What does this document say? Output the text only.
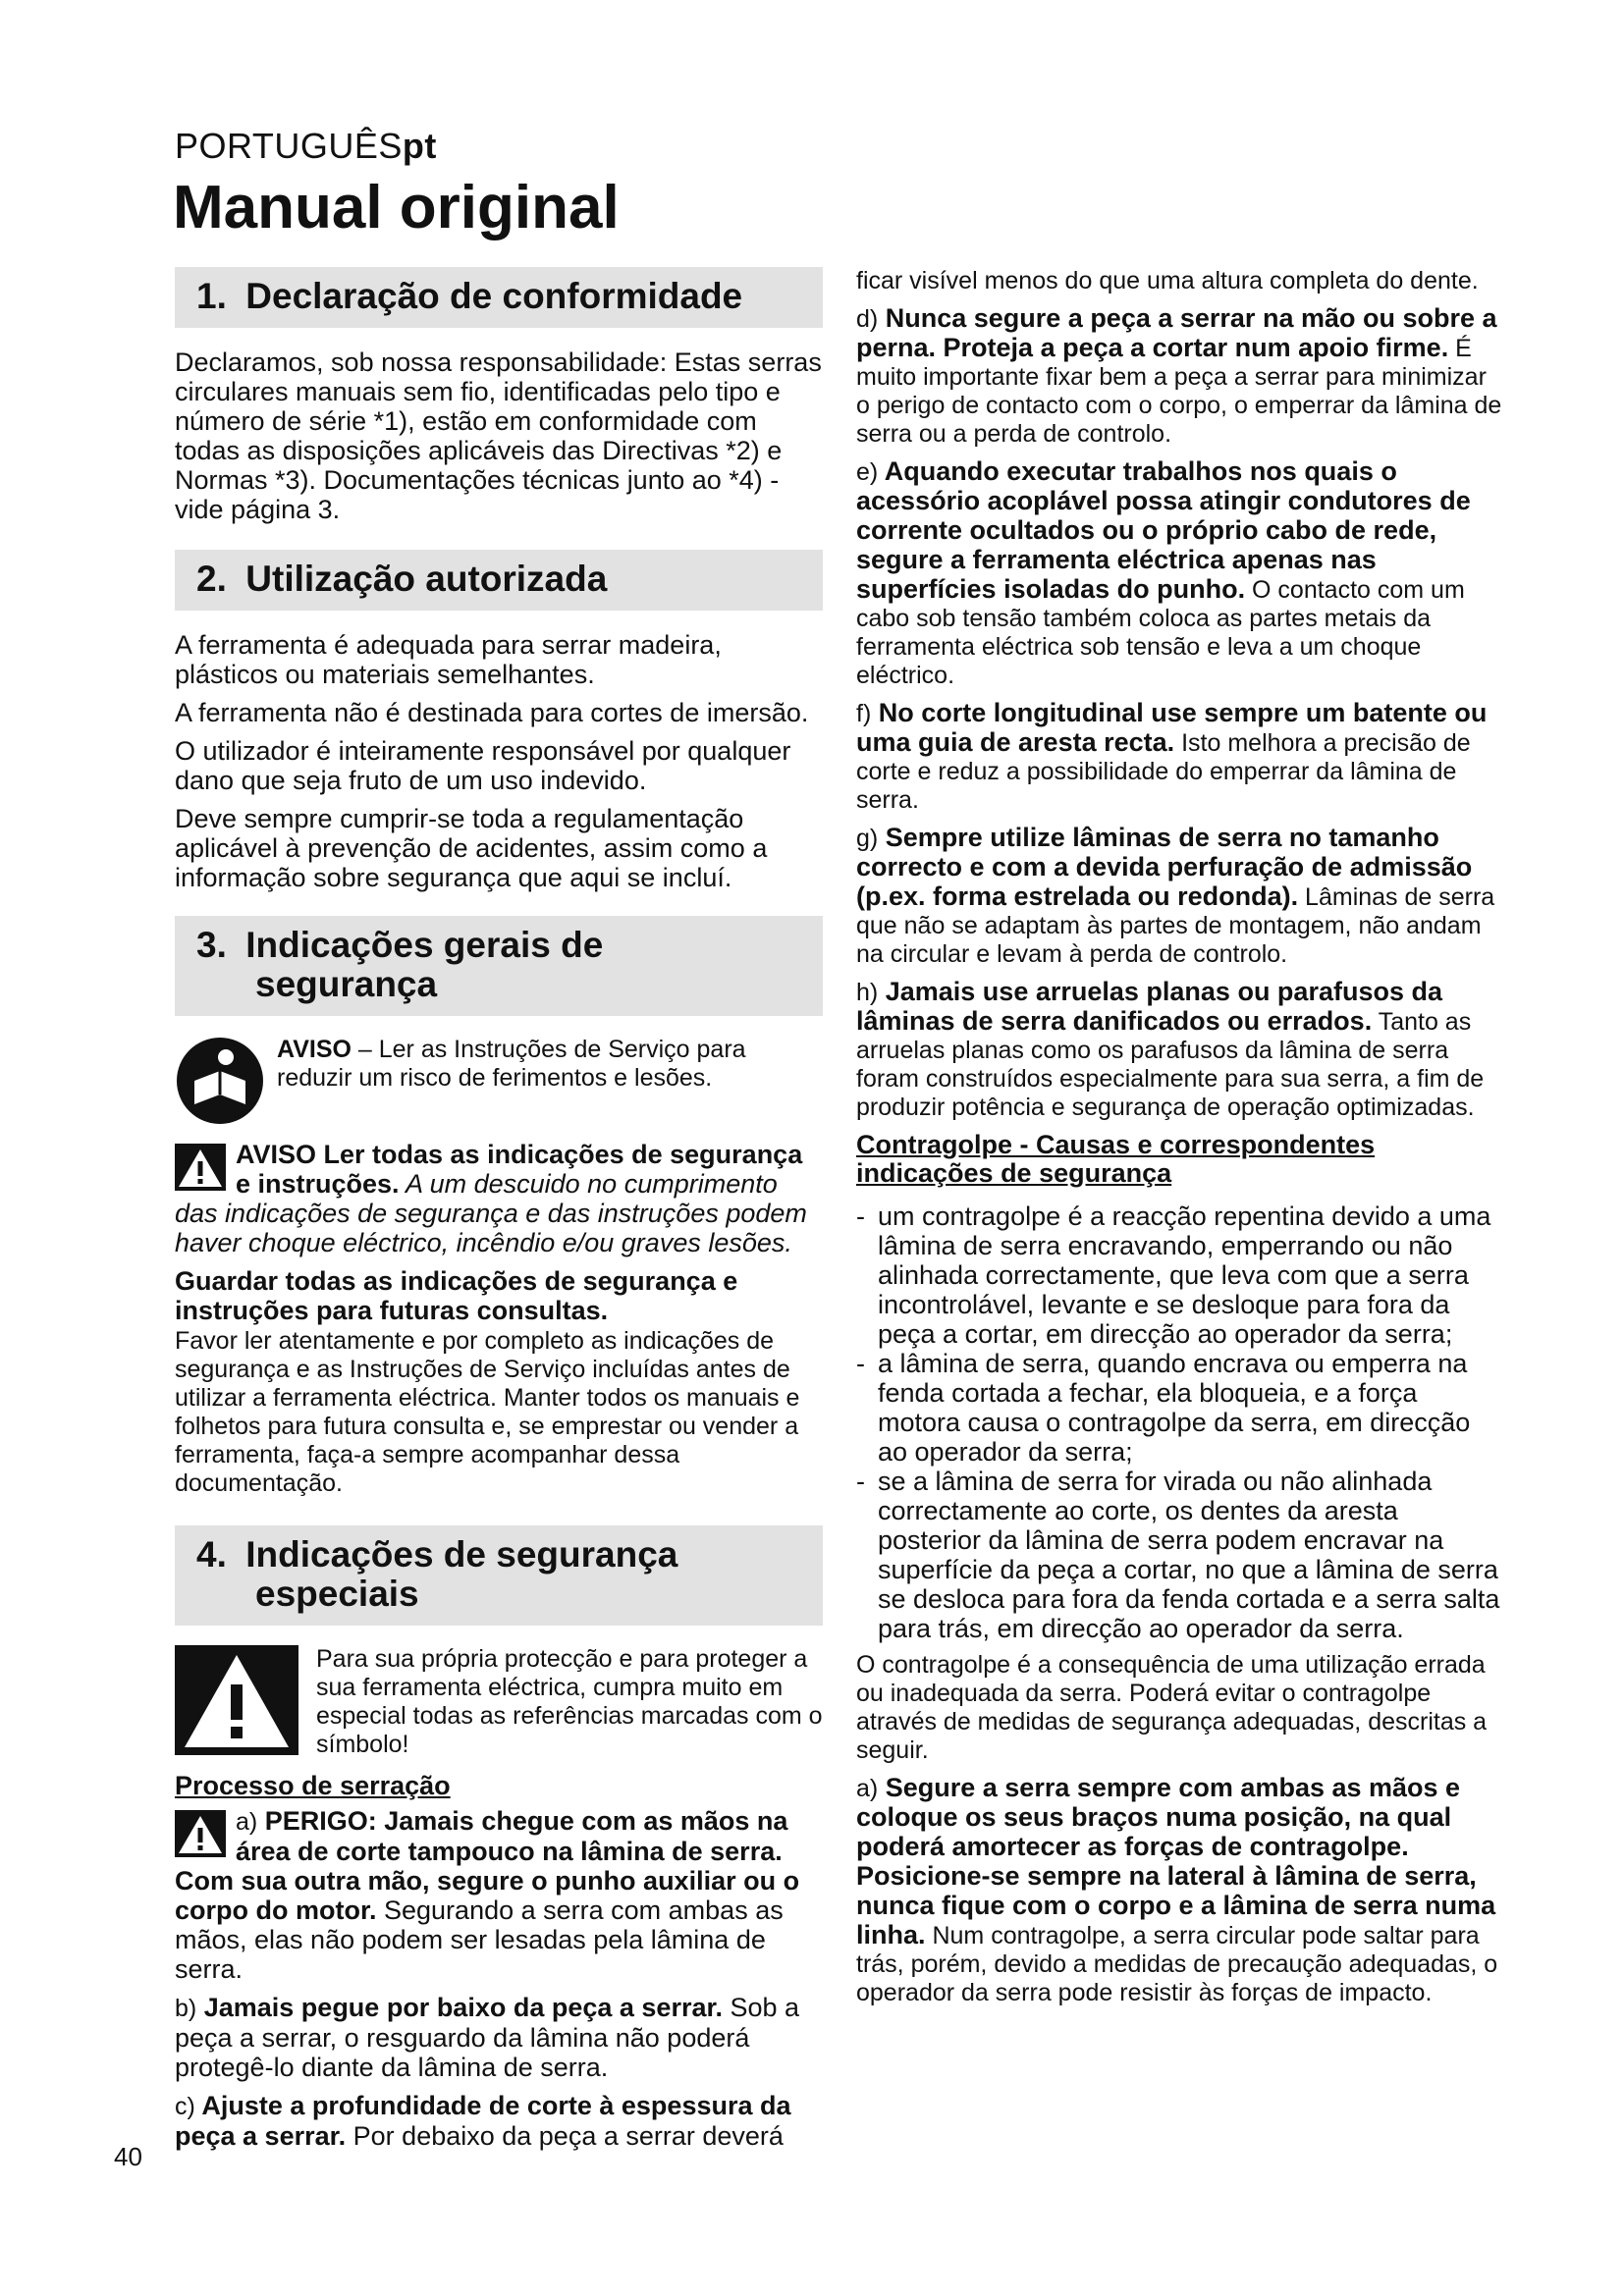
PORTUGUÊSpt
Manual original
1. Declaração de conformidade

Declaramos, sob nossa responsabilidade: Estas serras circulares manuais sem fio, identificadas pelo tipo e número de série *1), estão em conformidade com todas as disposições aplicáveis das Directivas *2) e Normas *3). Documentações técnicas junto ao *4) - vide página 3.

2. Utilização autorizada

A ferramenta é adequada para serrar madeira, plásticos ou materiais semelhantes.

A ferramenta não é destinada para cortes de imersão.

O utilizador é inteiramente responsável por qualquer dano que seja fruto de um uso indevido.

Deve sempre cumprir-se toda a regulamentação aplicável à prevenção de acidentes, assim como a informação sobre segurança que aqui se incluí.

3. Indicações gerais de
segurança
AVISO – Ler as Instruções de Serviço para reduzir um risco de ferimentos e lesões.

AVISO Ler todas as indicações de segurança e instruções. A um descuido no cumprimento das indicações de segurança e das instruções podem haver choque eléctrico, incêndio e/ou graves lesões.

Guardar todas as indicações de segurança e instruções para futuras consultas.

Favor ler atentamente e por completo as indicações de segurança e as Instruções de Serviço incluídas antes de utilizar a ferramenta eléctrica. Manter todos os manuais e folhetos para futura consulta e, se emprestar ou vender a ferramenta, faça-a sempre acompanhar dessa documentação.

4. Indicações de segurança
especiais
Para sua própria protecção e para proteger a sua ferramenta eléctrica, cumpra muito em especial todas as referências marcadas com o símbolo!

Processo de serração

a) PERIGO: Jamais chegue com as mãos na área de corte tampouco na lâmina de serra. Com sua outra mão, segure o punho auxiliar ou o corpo do motor. Segurando a serra com ambas as mãos, elas não podem ser lesadas pela lâmina de serra.

b) Jamais pegue por baixo da peça a serrar. Sob a peça a serrar, o resguardo da lâmina não poderá protegê-lo diante da lâmina de serra.

c) Ajuste a profundidade de corte à espessura da peça a serrar. Por debaixo da peça a serrar deverá

ficar visível menos do que uma altura completa do dente.

d) Nunca segure a peça a serrar na mão ou sobre a perna. Proteja a peça a cortar num apoio firme. É muito importante fixar bem a peça a serrar para minimizar o perigo de contacto com o corpo, o emperrar da lâmina de serra ou a perda de controlo.

e) Aquando executar trabalhos nos quais o acessório acoplável possa atingir condutores de corrente ocultados ou o próprio cabo de rede, segure a ferramenta eléctrica apenas nas superfícies isoladas do punho. O contacto com um cabo sob tensão também coloca as partes metais da ferramenta eléctrica sob tensão e leva a um choque eléctrico.

f) No corte longitudinal use sempre um batente ou uma guia de aresta recta. Isto melhora a precisão de corte e reduz a possibilidade do emperrar da lâmina de serra.

g) Sempre utilize lâminas de serra no tamanho correcto e com a devida perfuração de admissão (p.ex. forma estrelada ou redonda). Lâminas de serra que não se adaptam às partes de montagem, não andam na circular e levam à perda de controlo.

h) Jamais use arruelas planas ou parafusos da lâminas de serra danificados ou errados. Tanto as arruelas planas como os parafusos da lâmina de serra foram construídos especialmente para sua serra, a fim de produzir potência e segurança de operação optimizadas.

Contragolpe - Causas e correspondentes indicações de segurança

- um contragolpe é a reacção repentina devido a uma lâmina de serra encravando, emperrando ou não alinhada correctamente, que leva com que a serra incontrolável, levante e se desloque para fora da peça a cortar, em direcção ao operador da serra;
- a lâmina de serra, quando encrava ou emperra na fenda cortada a fechar, ela bloqueia, e a força motora causa o contragolpe da serra, em direcção ao operador da serra;
- se a lâmina de serra for virada ou não alinhada correctamente ao corte, os dentes da aresta posterior da lâmina de serra podem encravar na superfície da peça a cortar, no que a lâmina de serra se desloca para fora da fenda cortada e a serra salta para trás, em direcção ao operador da serra.

O contragolpe é a consequência de uma utilização errada ou inadequada da serra. Poderá evitar o contragolpe através de medidas de segurança adequadas, descritas a seguir.

a) Segure a serra sempre com ambas as mãos e coloque os seus braços numa posição, na qual poderá amortecer as forças de contragolpe. Posicione-se sempre na lateral à lâmina de serra, nunca fique com o corpo e a lâmina de serra numa linha. Num contragolpe, a serra circular pode saltar para trás, porém, devido a medidas de precaução adequadas, o operador da serra pode resistir às forças de impacto.

40
